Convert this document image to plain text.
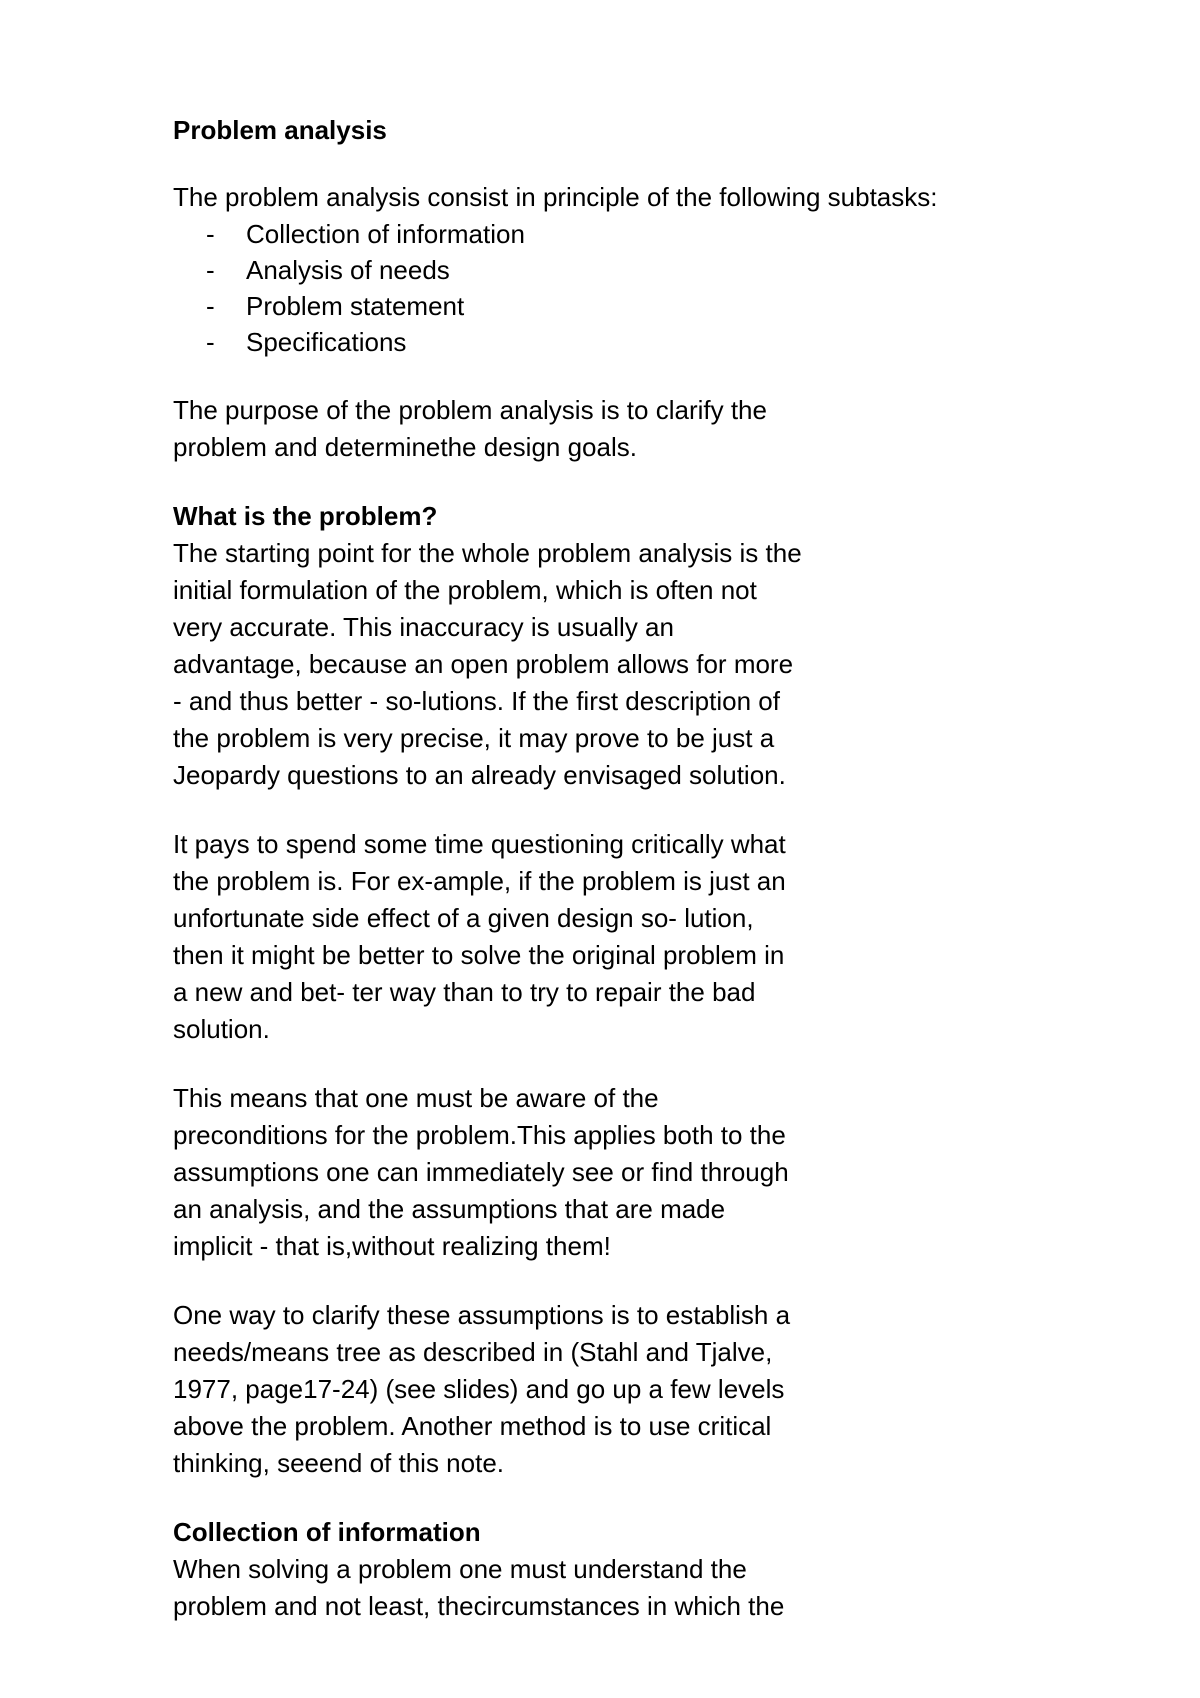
Problem analysis
The problem analysis consist in principle of the following subtasks:
- Collection of information
- Analysis of needs
- Problem statement
- Specifications
The purpose of the problem analysis is to clarify the
problem and determinethe design goals.
What is the problem?
The starting point for the whole problem analysis is the
initial formulation of the problem, which is often not
very accurate. This inaccuracy is usually an
advantage, because an open problem allows for more
- and thus better - so-lutions. If the first description of
the problem is very precise, it may prove to be just a
Jeopardy questions to an already envisaged solution.
It pays to spend some time questioning critically what
the problem is. For ex-ample, if the problem is just an
unfortunate side effect of a given design so- lution,
then it might be better to solve the original problem in
a new and bet- ter way than to try to repair the bad
solution.
This means that one must be aware of the
preconditions for the problem.This applies both to the
assumptions one can immediately see or find through
an analysis, and the assumptions that are made
implicit - that is,without realizing them!
One way to clarify these assumptions is to establish a
needs/means tree as described in (Stahl and Tjalve,
1977, page17-24) (see slides) and go up a few levels
above the problem. Another method is to use critical
thinking, seeend of this note.
Collection of information
When solving a problem one must understand the
problem and not least, thecircumstances in which the
